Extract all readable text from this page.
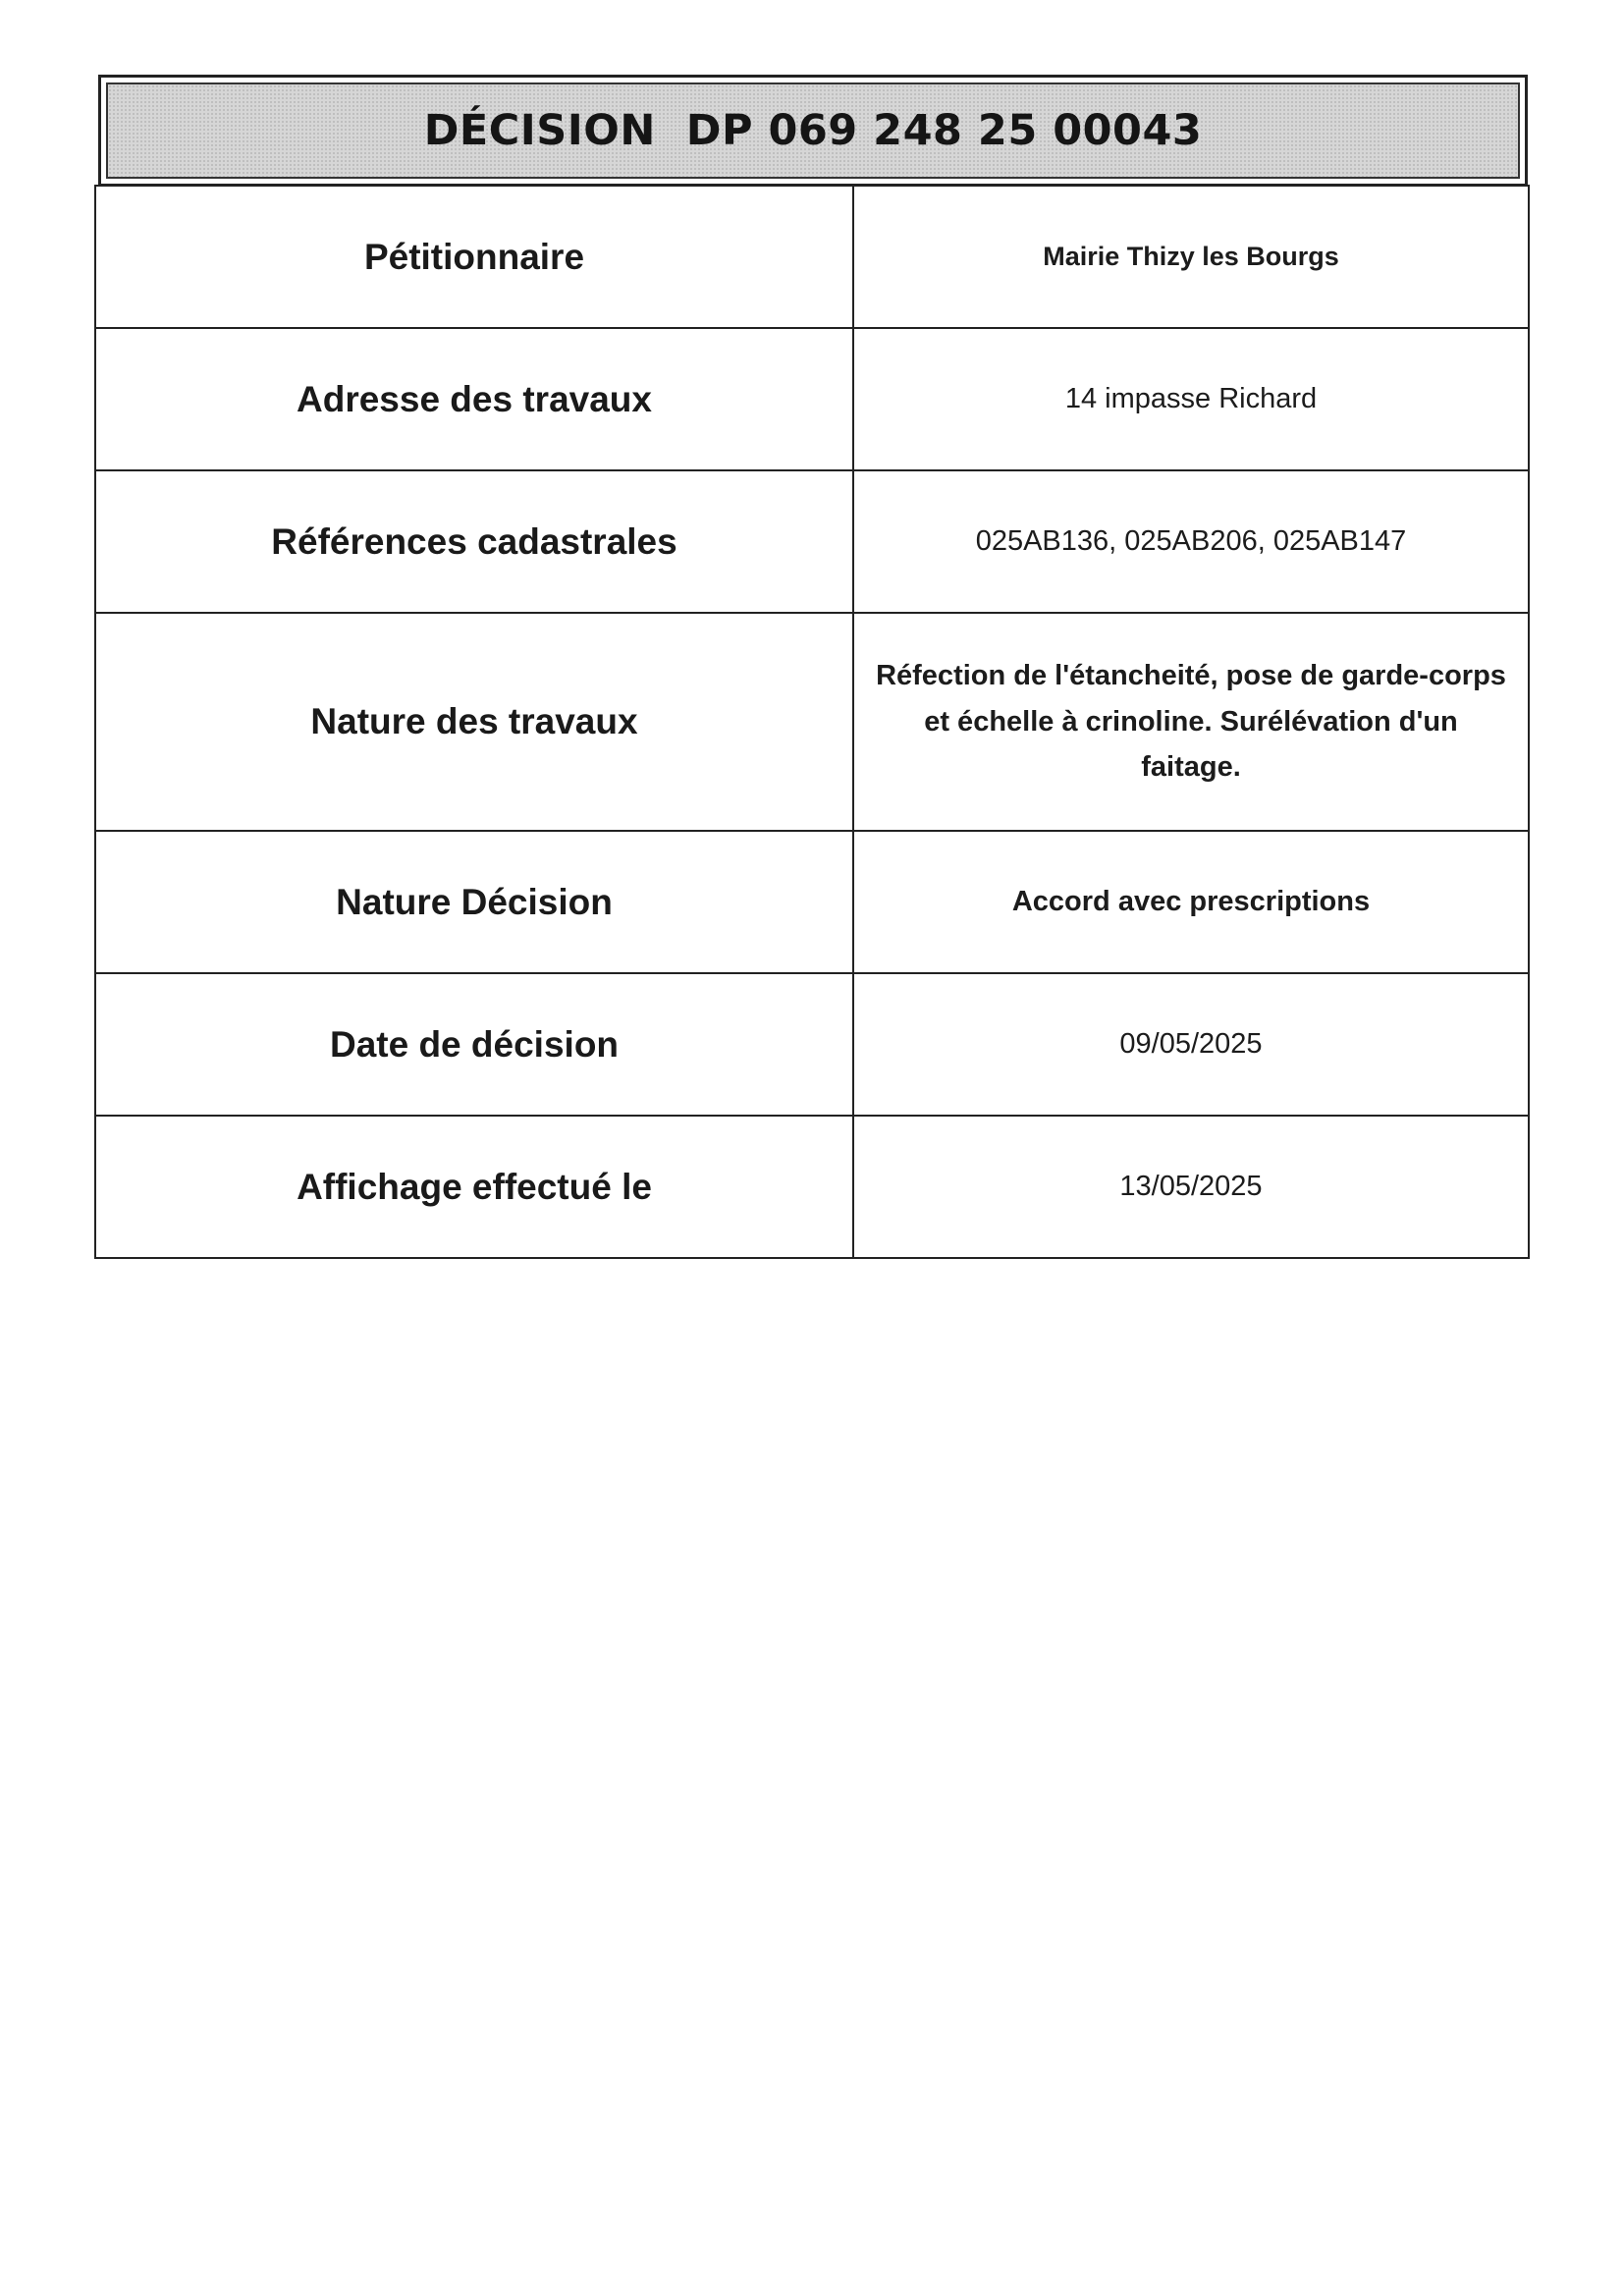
DÉCISION  DP 069 248 25 00043
Pétitionnaire	Mairie Thizy les Bourgs
Adresse des travaux	14 impasse Richard
Références cadastrales	025AB136, 025AB206, 025AB147
Nature des travaux	Réfection de l'étancheité, pose de garde-corps et échelle à crinoline. Surélévation d'un faitage.
Nature Décision	Accord avec prescriptions
Date de décision	09/05/2025
Affichage effectué le	13/05/2025
